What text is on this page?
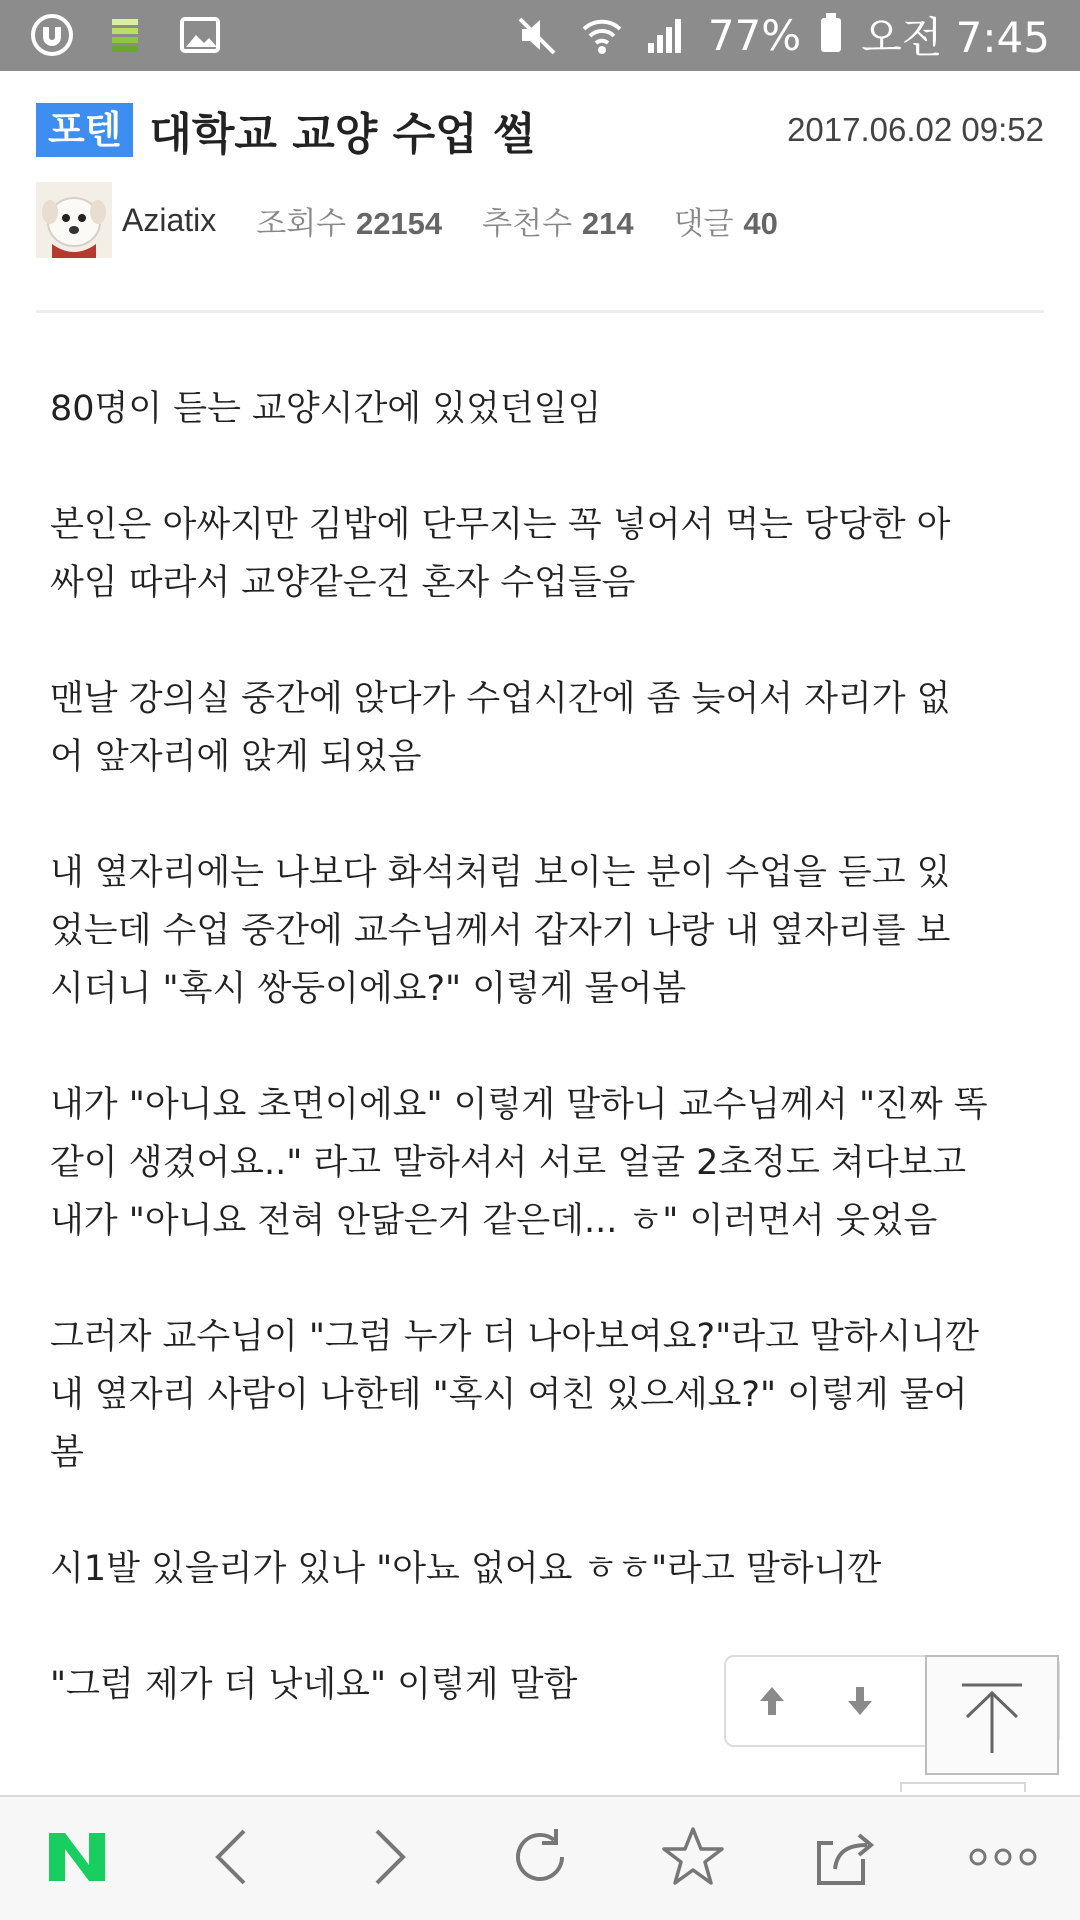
77% 오전 7:45
포텐 대학교 교양 수업 썰	2017.06.02 09:52
Aziatix 조회수 22154 추천수 214 댓글 40

80명이 듣는 교양시간에 있었던일임

본인은 아싸지만 김밥에 단무지는 꼭 넣어서 먹는 당당한 아
싸임 따라서 교양같은건 혼자 수업들음

맨날 강의실 중간에 앉다가 수업시간에 좀 늦어서 자리가 없
어 앞자리에 앉게 되었음

내 옆자리에는 나보다 화석처럼 보이는 분이 수업을 듣고 있
었는데 수업 중간에 교수님께서 갑자기 나랑 내 옆자리를 보
시더니 "혹시 쌍둥이에요?" 이렇게 물어봄

내가 "아니요 초면이에요" 이렇게 말하니 교수님께서 "진짜 똑
같이 생겼어요.." 라고 말하셔서 서로 얼굴 2초정도 쳐다보고
내가 "아니요 전혀 안닮은거 같은데... ㅎ" 이러면서 웃었음

그러자 교수님이 "그럼 누가 더 나아보여요?"라고 말하시니깐
내 옆자리 사람이 나한테 "혹시 여친 있으세요?" 이렇게 물어
봄

시1발 있을리가 있나 "아뇨 없어요 ㅎㅎ"라고 말하니깐

"그럼 제가 더 낫네요" 이렇게 말함
